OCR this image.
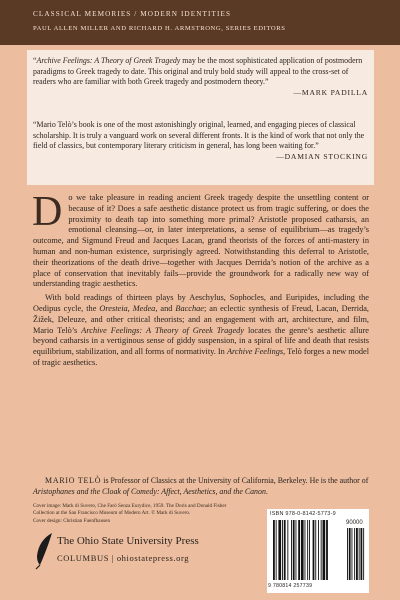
CLASSICAL MEMORIES / MODERN IDENTITIES
PAUL ALLEN MILLER AND RICHARD H. ARMSTRONG, SERIES EDITORS
“Archive Feelings: A Theory of Greek Tragedy may be the most sophisticated application of postmodern paradigms to Greek tragedy to date. This original and truly bold study will appeal to the cross-set of readers who are familiar with both Greek tragedy and postmodern theory.”
—MARK PADILLA
“Mario Telò’s book is one of the most astonishingly original, learned, and engaging pieces of classical scholarship. It is truly a vanguard work on several different fronts. It is the kind of work that not only the field of classics, but contemporary literary criticism in general, has long been waiting for.”
—DAMIAN STOCKING

Do we take pleasure in reading ancient Greek tragedy despite the unsettling content or because of it? Does a safe aesthetic distance protect us from tragic suffering, or does the proximity to death tap into something more primal? Aristotle proposed catharsis, an emotional cleansing—or, in later interpretations, a sense of equilibrium—as tragedy’s outcome, and Sigmund Freud and Jacques Lacan, grand theorists of the forces of anti-mastery in human and non-human existence, surprisingly agreed. Notwithstanding this deferral to Aristotle, their theorizations of the death drive—together with Jacques Derrida’s notion of the archive as a place of conservation that inevitably fails—provide the groundwork for a radically new way of understanding tragic aesthetics.

With bold readings of thirteen plays by Aeschylus, Sophocles, and Euripides, including the Oedipus cycle, the Oresteia, Medea, and Bacchae; an eclectic synthesis of Freud, Lacan, Derrida, Žižek, Deleuze, and other critical theorists; and an engagement with art, architecture, and film, Mario Telò’s Archive Feelings: A Theory of Greek Tragedy locates the genre’s aesthetic allure beyond catharsis in a vertiginous sense of giddy suspension, in a spiral of life and death that resists equilibrium, stabilization, and all forms of normativity. In Archive Feelings, Telò forges a new model of tragic aesthetics.

MARIO TELÒ is Professor of Classics at the University of California, Berkeley. He is the author of Aristophanes and the Cloak of Comedy: Affect, Aesthetics, and the Canon.
Cover image: Mark di Suvero, Che Farò Senza Eurydice, 1959. The Doris and Donald Fisher Collection at the San Francisco Museum of Modern Art. © Mark di Suvero.
Cover design: Christian Fuenfhausen
The Ohio State University Press
COLUMBUS | ohiostatepress.org
ISBN 978-0-8142-5773-9
90000
9 780814 257739
